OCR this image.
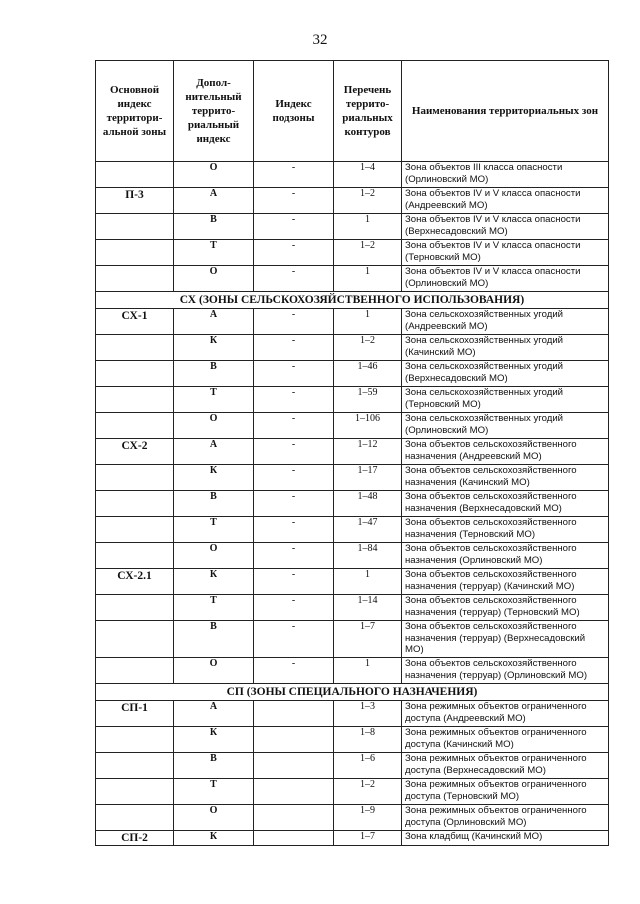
32
Основной индекс территори-альной зоны	Допол-нительный террито-риальный индекс	Индекс подзоны	Перечень террито-риальных контуров	Наименования территориальных зон
	О	-	1–4	Зона объектов III класса опасности (Орлиновский МО)
П-3	А	-	1–2	Зона объектов IV и V класса опасности (Андреевский МО)
	В	-	1	Зона объектов IV и V класса опасности (Верхнесадовский МО)
	Т	-	1–2	Зона объектов IV и V класса опасности (Терновский МО)
	О	-	1	Зона объектов IV и V класса опасности (Орлиновский МО)
СХ (ЗОНЫ СЕЛЬСКОХОЗЯЙСТВЕННОГО ИСПОЛЬЗОВАНИЯ)				
СХ-1	А	-	1	Зона сельскохозяйственных угодий (Андреевский МО)
	К	-	1–2	Зона сельскохозяйственных угодий (Качинский МО)
	В	-	1–46	Зона сельскохозяйственных угодий (Верхнесадовский МО)
	Т	-	1–59	Зона сельскохозяйственных угодий (Терновский МО)
	О	-	1–106	Зона сельскохозяйственных угодий (Орлиновский МО)
СХ-2	А	-	1–12	Зона объектов сельскохозяйственного назначения (Андреевский МО)
	К	-	1–17	Зона объектов сельскохозяйственного назначения (Качинский МО)
	В	-	1–48	Зона объектов сельскохозяйственного назначения (Верхнесадовский МО)
	Т	-	1–47	Зона объектов сельскохозяйственного назначения (Терновский МО)
	О	-	1–84	Зона объектов сельскохозяйственного назначения (Орлиновский МО)
СХ-2.1	К	-	1	Зона объектов сельскохозяйственного назначения (терруар) (Качинский МО)
	Т	-	1–14	Зона объектов сельскохозяйственного назначения (терруар) (Терновский МО)
	В	-	1–7	Зона объектов сельскохозяйственного назначения (терруар) (Верхнесадовский МО)
	О	-	1	Зона объектов сельскохозяйственного назначения (терруар) (Орлиновский МО)
СП (ЗОНЫ СПЕЦИАЛЬНОГО НАЗНАЧЕНИЯ)				
СП-1	А		1–3	Зона режимных объектов ограниченного доступа (Андреевский МО)
	К		1–8	Зона режимных объектов ограниченного доступа (Качинский МО)
	В		1–6	Зона режимных объектов ограниченного доступа (Верхнесадовский МО)
	Т		1–2	Зона режимных объектов ограниченного доступа (Терновский МО)
	О		1–9	Зона режимных объектов ограниченного доступа (Орлиновский МО)
СП-2	К		1–7	Зона кладбищ (Качинский МО)
